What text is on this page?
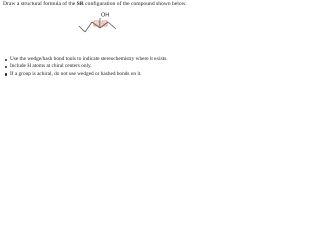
Draw a structural formula of the SR configuration of the compound shown below.
OH
S R
Use the wedge/hash bond tools to indicate stereochemistry where it exists.
Include H atoms at chiral centers only.
If a group is achiral, do not use wedged or hashed bonds on it.
